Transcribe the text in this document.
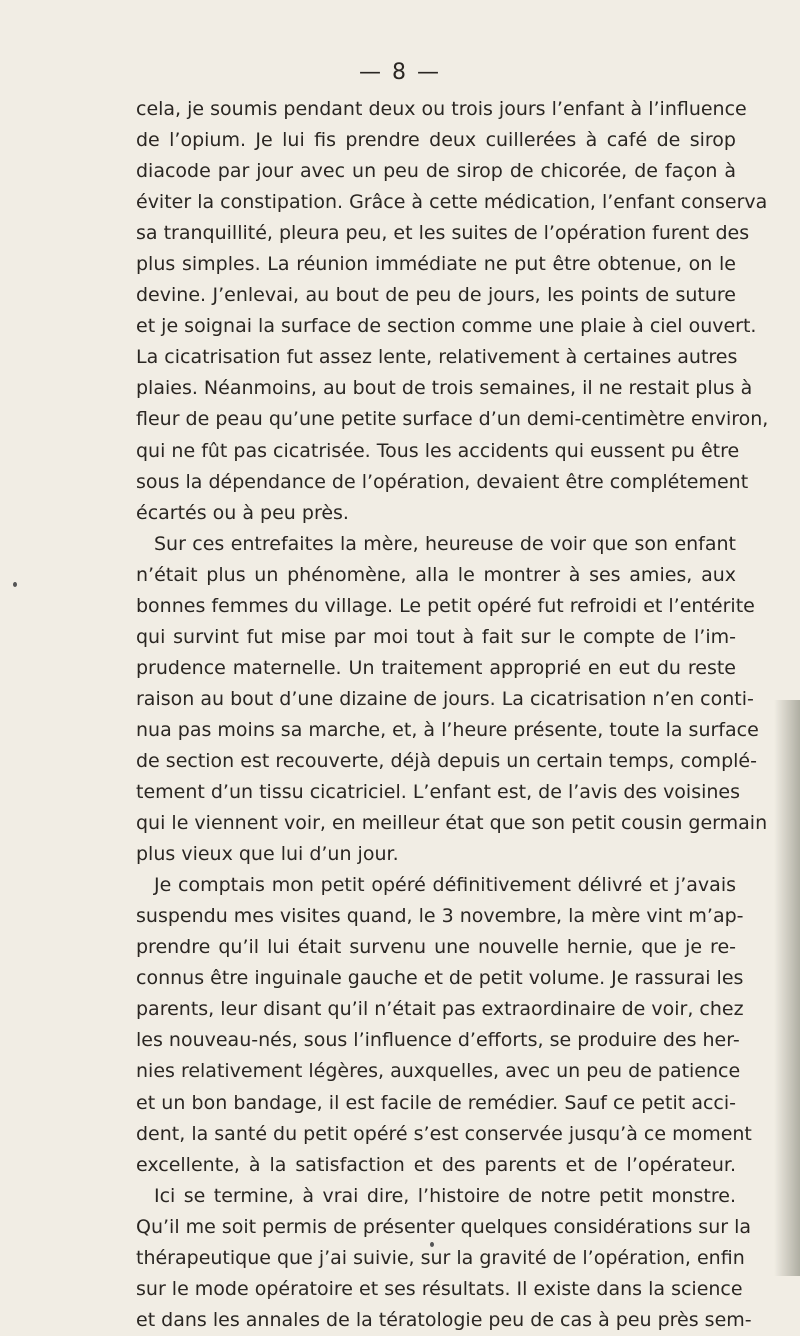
— 8 —
cela, je soumis pendant deux ou trois jours l’enfant à l’influence
de l’opium. Je lui fis prendre deux cuillerées à café de sirop
diacode par jour avec un peu de sirop de chicorée, de façon à
éviter la constipation. Grâce à cette médication, l’enfant conserva
sa tranquillité, pleura peu, et les suites de l’opération furent des
plus simples. La réunion immédiate ne put être obtenue, on le
devine. J’enlevai, au bout de peu de jours, les points de suture
et je soignai la surface de section comme une plaie à ciel ouvert.
La cicatrisation fut assez lente, relativement à certaines autres
plaies. Néanmoins, au bout de trois semaines, il ne restait plus à
fleur de peau qu’une petite surface d’un demi-centimètre environ,
qui ne fût pas cicatrisée. Tous les accidents qui eussent pu être
sous la dépendance de l’opération, devaient être complétement
écartés ou à peu près.
Sur ces entrefaites la mère, heureuse de voir que son enfant
n’était plus un phénomène, alla le montrer à ses amies, aux
bonnes femmes du village. Le petit opéré fut refroidi et l’entérite
qui survint fut mise par moi tout à fait sur le compte de l’im-
prudence maternelle. Un traitement approprié en eut du reste
raison au bout d’une dizaine de jours. La cicatrisation n’en conti-
nua pas moins sa marche, et, à l’heure présente, toute la surface
de section est recouverte, déjà depuis un certain temps, complé-
tement d’un tissu cicatriciel. L’enfant est, de l’avis des voisines
qui le viennent voir, en meilleur état que son petit cousin germain
plus vieux que lui d’un jour.
Je comptais mon petit opéré définitivement délivré et j’avais
suspendu mes visites quand, le 3 novembre, la mère vint m’ap-
prendre qu’il lui était survenu une nouvelle hernie, que je re-
connus être inguinale gauche et de petit volume. Je rassurai les
parents, leur disant qu’il n’était pas extraordinaire de voir, chez
les nouveau-nés, sous l’influence d’efforts, se produire des her-
nies relativement légères, auxquelles, avec un peu de patience
et un bon bandage, il est facile de remédier. Sauf ce petit acci-
dent, la santé du petit opéré s’est conservée jusqu’à ce moment
excellente, à la satisfaction et des parents et de l’opérateur.
Ici se termine, à vrai dire, l’histoire de notre petit monstre.
Qu’il me soit permis de présenter quelques considérations sur la
thérapeutique que j’ai suivie, sur la gravité de l’opération, enfin
sur le mode opératoire et ses résultats. Il existe dans la science
et dans les annales de la tératologie peu de cas à peu près sem-
